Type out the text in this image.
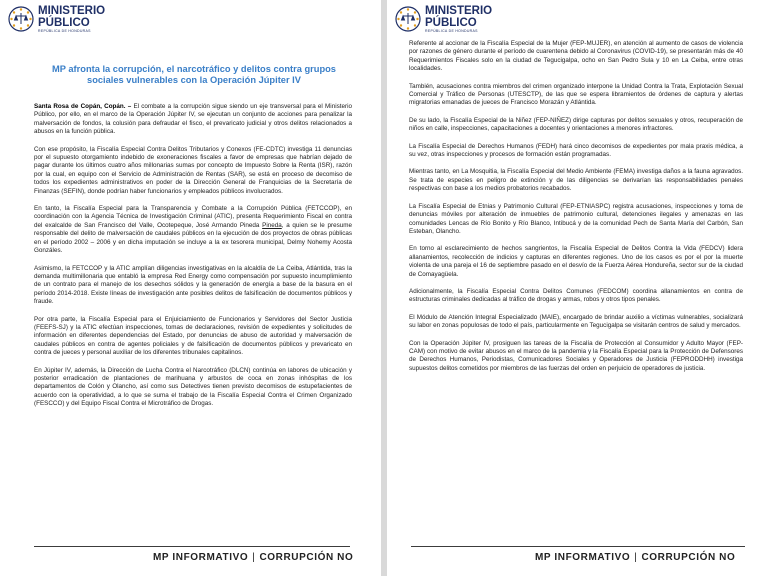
MINISTERIO
PÚBLICO
REPÚBLICA DE HONDURAS
MP afronta la corrupción, el narcotráfico y delitos contra grupos sociales vulnerables con la Operación Júpiter IV

Santa Rosa de Copán, Copán. – El combate a la corrupción sigue siendo un eje transversal para el Ministerio Público, por ello, en el marco de la Operación Júpiter IV, se ejecutan un conjunto de acciones para penalizar la malversación de fondos, la colusión para defraudar el fisco, el prevaricato judicial y otros delitos relacionados a abusos en la función pública.

Con ese propósito, la Fiscalía Especial Contra Delitos Tributarios y Conexos (FE-CDTC) investiga 11 denuncias por el supuesto otorgamiento indebido de exoneraciones fiscales a favor de empresas que habrían dejado de pagar durante los últimos cuatro años millonarias sumas por concepto de Impuesto Sobre la Renta (ISR), razón por la cual, en equipo con el Servicio de Administración de Rentas (SAR), se está en proceso de decomiso de todos los expedientes administrativos en poder de la Dirección General de Franquicias de la Secretaría de Finanzas (SEFIN), donde podrían haber funcionarios y empleados públicos involucrados.

En tanto, la Fiscalía Especial para la Transparencia y Combate a la Corrupción Pública (FETCCOP), en coordinación con la Agencia Técnica de Investigación Criminal (ATIC), presenta Requerimiento Fiscal en contra del exalcalde de San Francisco del Valle, Ocotepeque, José Armando Pineda Pineda, a quien se le presume responsable del delito de malversación de caudales públicos en la ejecución de dos proyectos de obras públicas en el período 2002 – 2006 y en dicha imputación se incluye a la ex tesorera municipal, Delmy Nohemy Acosta Gonzáles.

Asimismo, la FETCCOP y la ATIC amplían diligencias investigativas en la alcaldía de La Ceiba, Atlántida, tras la demanda multimillonaria que entabló la empresa Red Energy como compensación por supuesto incumplimiento de un contrato para el manejo de los desechos sólidos y la generación de energía a base de la basura en el período 2014-2018. Existe líneas de investigación ante posibles delitos de falsificación de documentos públicos y fraude.

Por otra parte, la Fiscalía Especial para el Enjuiciamiento de Funcionarios y Servidores del Sector Justicia (FEEFS-SJ) y la ATIC efectúan inspecciones, tomas de declaraciones, revisión de expedientes y solicitudes de información en diferentes dependencias del Estado, por denuncias de abuso de autoridad y malversación de caudales públicos en contra de agentes policiales y de falsificación de documentos públicos y prevaricato en contra de jueces y personal auxiliar de los diferentes tribunales capitalinos.

En Júpiter IV, además, la Dirección de Lucha Contra el Narcotráfico (DLCN) continúa en labores de ubicación y posterior erradicación de plantaciones de marihuana y arbustos de coca en zonas inhóspitas de los departamentos de Colón y Olancho, así como sus Detectives tienen previsto decomisos de estupefacientes de acuerdo con la operatividad, a lo que se suma el trabajo de la Fiscalía Especial Contra el Crimen Organizado (FESCCO) y del Equipo Fiscal Contra el Microtráfico de Drogas.

MP INFORMATIVO | CORRUPCIÓN NO
MINISTERIO
PÚBLICO
REPÚBLICA DE HONDURAS

Referente al accionar de la Fiscalía Especial de la Mujer (FEP-MUJER), en atención al aumento de casos de violencia por razones de género durante el período de cuarentena debido al Coronavirus (COVID-19), se presentarán más de 40 Requerimientos Fiscales solo en la ciudad de Tegucigalpa, ocho en San Pedro Sula y 10 en La Ceiba, entre otras localidades.

También, acusaciones contra miembros del crimen organizado interpone la Unidad Contra la Trata, Explotación Sexual Comercial y Tráfico de Personas (UTESCTP), de las que se espera libramientos de órdenes de captura y alertas migratorias emanadas de jueces de Francisco Morazán y Atlántida.

De su lado, la Fiscalía Especial de la Niñez (FEP-NIÑEZ) dirige capturas por delitos sexuales y otros, recuperación de niños en calle, inspecciones, capacitaciones a docentes y orientaciones a menores infractores.

La Fiscalía Especial de Derechos Humanos (FEDH) hará cinco decomisos de expedientes por mala praxis médica, a su vez, otras inspecciones y procesos de formación están programadas.

Mientras tanto, en La Mosquitia, la Fiscalía Especial del Medio Ambiente (FEMA) investiga daños a la fauna agravados. Se trata de especies en peligro de extinción y de las diligencias se derivarían las responsabilidades penales respectivas con base a los medios probatorios recabados.

La Fiscalía Especial de Etnias y Patrimonio Cultural (FEP-ETNIASPC) registra acusaciones, inspecciones y toma de denuncias móviles por alteración de inmuebles de patrimonio cultural, detenciones ilegales y amenazas en las comunidades Lencas de Río Bonito y Río Blanco, Intibucá y de la comunidad Pech de Santa María del Carbón, San Esteban, Olancho.

En torno al esclarecimiento de hechos sangrientos, la Fiscalía Especial de Delitos Contra la Vida (FEDCV) lidera allanamientos, recolección de indicios y capturas en diferentes regiones. Uno de los casos es por el por la muerte violenta de una pareja el 16 de septiembre pasado en el desvío de la Fuerza Aérea Hondureña, sector sur de la ciudad de Comayagüela.

Adicionalmente, la Fiscalía Especial Contra Delitos Comunes (FEDCOM) coordina allanamientos en contra de estructuras criminales dedicadas al tráfico de drogas y armas, robos y otros tipos penales.

El Módulo de Atención Integral Especializado (MAIE), encargado de brindar auxilio a víctimas vulnerables, socializará su labor en zonas populosas de todo el país, particularmente en Tegucigalpa se visitarán centros de salud y mercados.

Con la Operación Júpiter IV, prosiguen las tareas de la Fiscalía de Protección al Consumidor y Adulto Mayor (FEP-CAM) con motivo de evitar abusos en el marco de la pandemia y la Fiscalía Especial para la Protección de Defensores de Derechos Humanos, Periodistas, Comunicadores Sociales y Operadores de Justicia (FEPRODDHH) investiga supuestos delitos cometidos por miembros de las fuerzas del orden en perjuicio de operadores de justicia.

MP INFORMATIVO | CORRUPCIÓN NO
